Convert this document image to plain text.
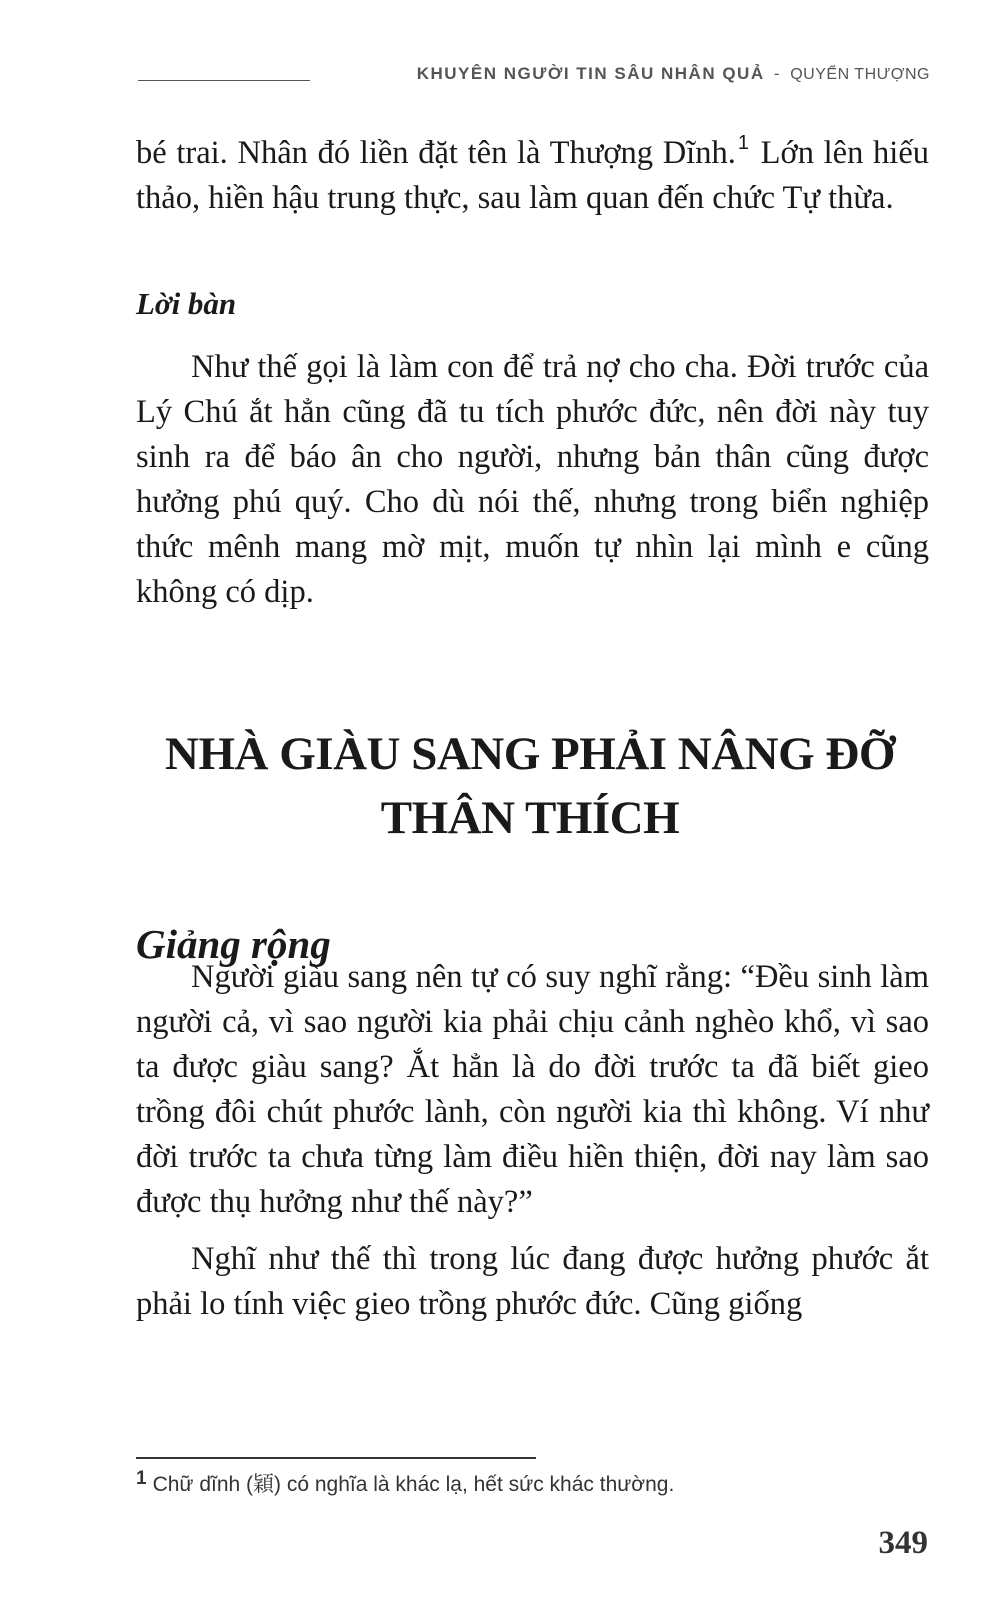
KHUYÊN NGƯỜI TIN SÂU NHÂN QUẢ - QUYỂN THƯỢNG

bé trai. Nhân đó liền đặt tên là Thượng Dĩnh. $^1$ Lớn lên hiếu thảo, hiền hậu trung thực, sau làm quan đến chức Tự thừa.

Lời bàn

Như thế gọi là làm con để trả nợ cho cha. Đời trước của Lý Chú ắt hẳn cũng đã tu tích phước đức, nên đời này tuy sinh ra để báo ân cho người, nhưng bản thân cũng được hưởng phú quý. Cho dù nói thế, nhưng trong biển nghiệp thức mênh mang mờ mịt, muốn tự nhìn lại mình e cũng không có dịp.

NHÀ GIÀU SANG PHẢI NÂNG ĐỠ
THÂN THÍCH
Giảng rộng

Người giàu sang nên tự có suy nghĩ rằng: “Đều sinh làm người cả, vì sao người kia phải chịu cảnh nghèo khổ, vì sao ta được giàu sang? Ắt hẳn là do đời trước ta đã biết gieo trồng đôi chút phước lành, còn người kia thì không. Ví như đời trước ta chưa từng làm điều hiền thiện, đời nay làm sao được thụ hưởng như thế này?”

Nghĩ như thế thì trong lúc đang được hưởng phước ắt phải lo tính việc gieo trồng phước đức. Cũng giống

1 Chữ dĩnh (穎) có nghĩa là khác lạ, hết sức khác thường.
349
